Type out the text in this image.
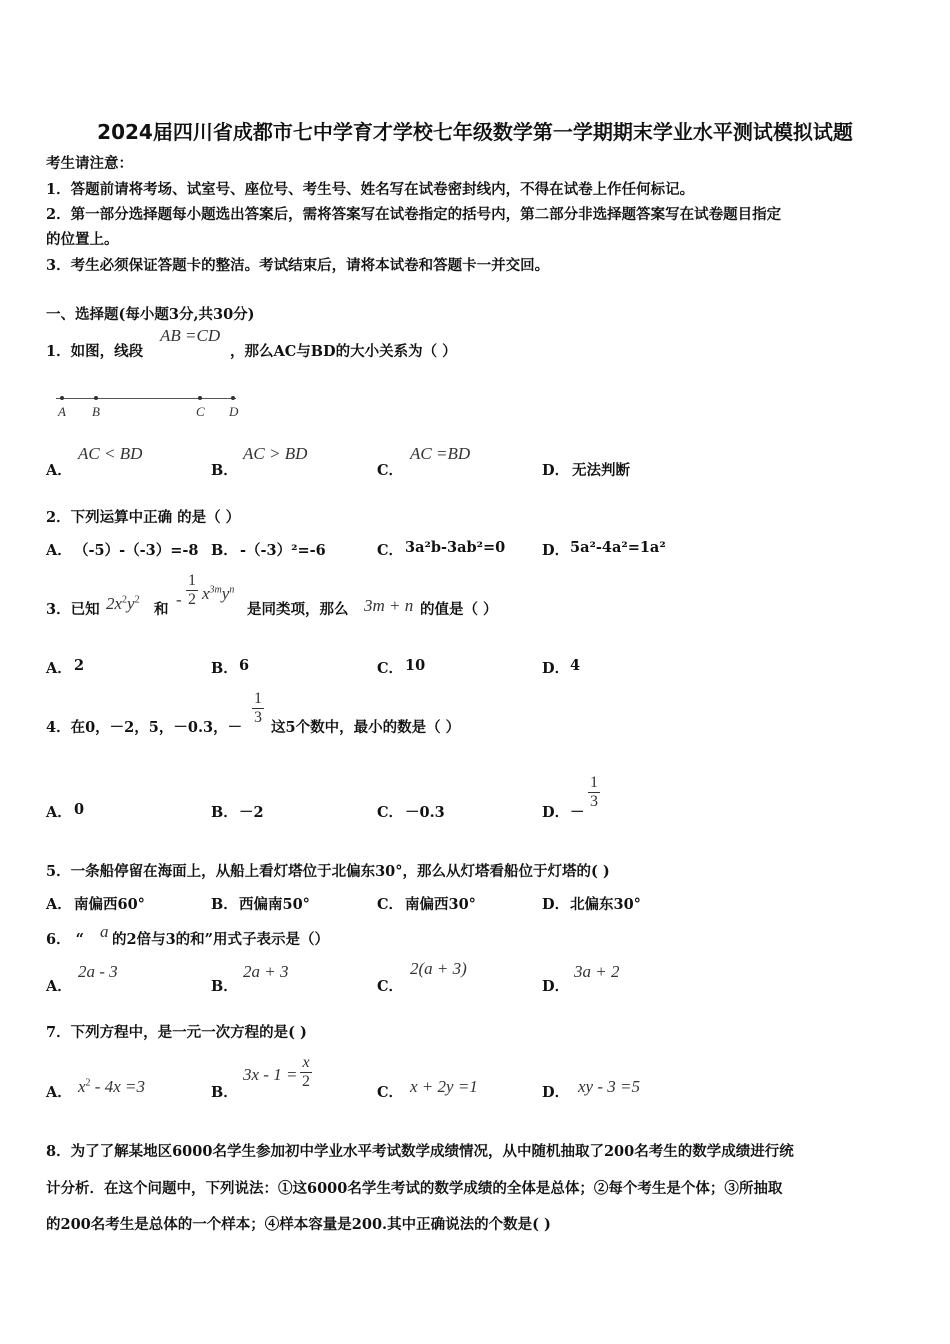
2024届四川省成都市七中学育才学校七年级数学第一学期期末学业水平测试模拟试题
考生请注意：
1．答题前请将考场、试室号、座位号、考生号、姓名写在试卷密封线内，不得在试卷上作任何标记。
2．第一部分选择题每小题选出答案后，需将答案写在试卷指定的括号内，第二部分非选择题答案写在试卷题目指定
的位置上。
3．考生必须保证答题卡的整洁。考试结束后，请将本试卷和答题卡一并交回。
一、选择题(每小题3分,共30分)
1．如图，线段
AB =CD
，那么AC与BD的大小关系为（ ）
A B	C D
A．
AC < BD
B．
AC > BD
C．
AC =BD
D． 无法判断
2．下列运算中正确 的是（ ）
A． （-5）-（-3）=-8 B． -（-3）²=-6	C． 3a²b-3ab²=0	D． 5a²-4a²=1a²
3．已知 $2x^2y^2$
和
- $\frac{1}{2} x^{3m}y^n$
是同类项，那么 3m + n 的值是（ ）
A． 2	B． 6	C． 10	D． 4
4．在0，－2，5，－0.3，－
$\frac{1}{3}$
这5个数中，最小的数是（ ）
A． 0	B． －2	C． －0.3	D． －
$\frac{1}{3}$
5．一条船停留在海面上，从船上看灯塔位于北偏东30°，那么从灯塔看船位于灯塔的( )
A． 南偏西60°	B． 西偏南50°	C． 南偏西30°	D． 北偏东30°
6． “ a 的2倍与3的和”用式子表示是（）
A．
2a - 3
B．
2a + 3
C．
2(a + 3)
D．
3a + 2
7．下列方程中，是一元一次方程的是( )
A． $x^2 - 4x =3$	B．
$3x - 1 = \frac{x}{2}$
C． x + 2y =1	D． xy - 3 =5
8．为了了解某地区6000名学生参加初中学业水平考试数学成绩情况，从中随机抽取了200名考生的数学成绩进行统
计分析．在这个问题中，下列说法：①这6000名学生考试的数学成绩的全体是总体；②每个考生是个体；③所抽取
的200名考生是总体的一个样本；④样本容量是200.其中正确说法的个数是( )
